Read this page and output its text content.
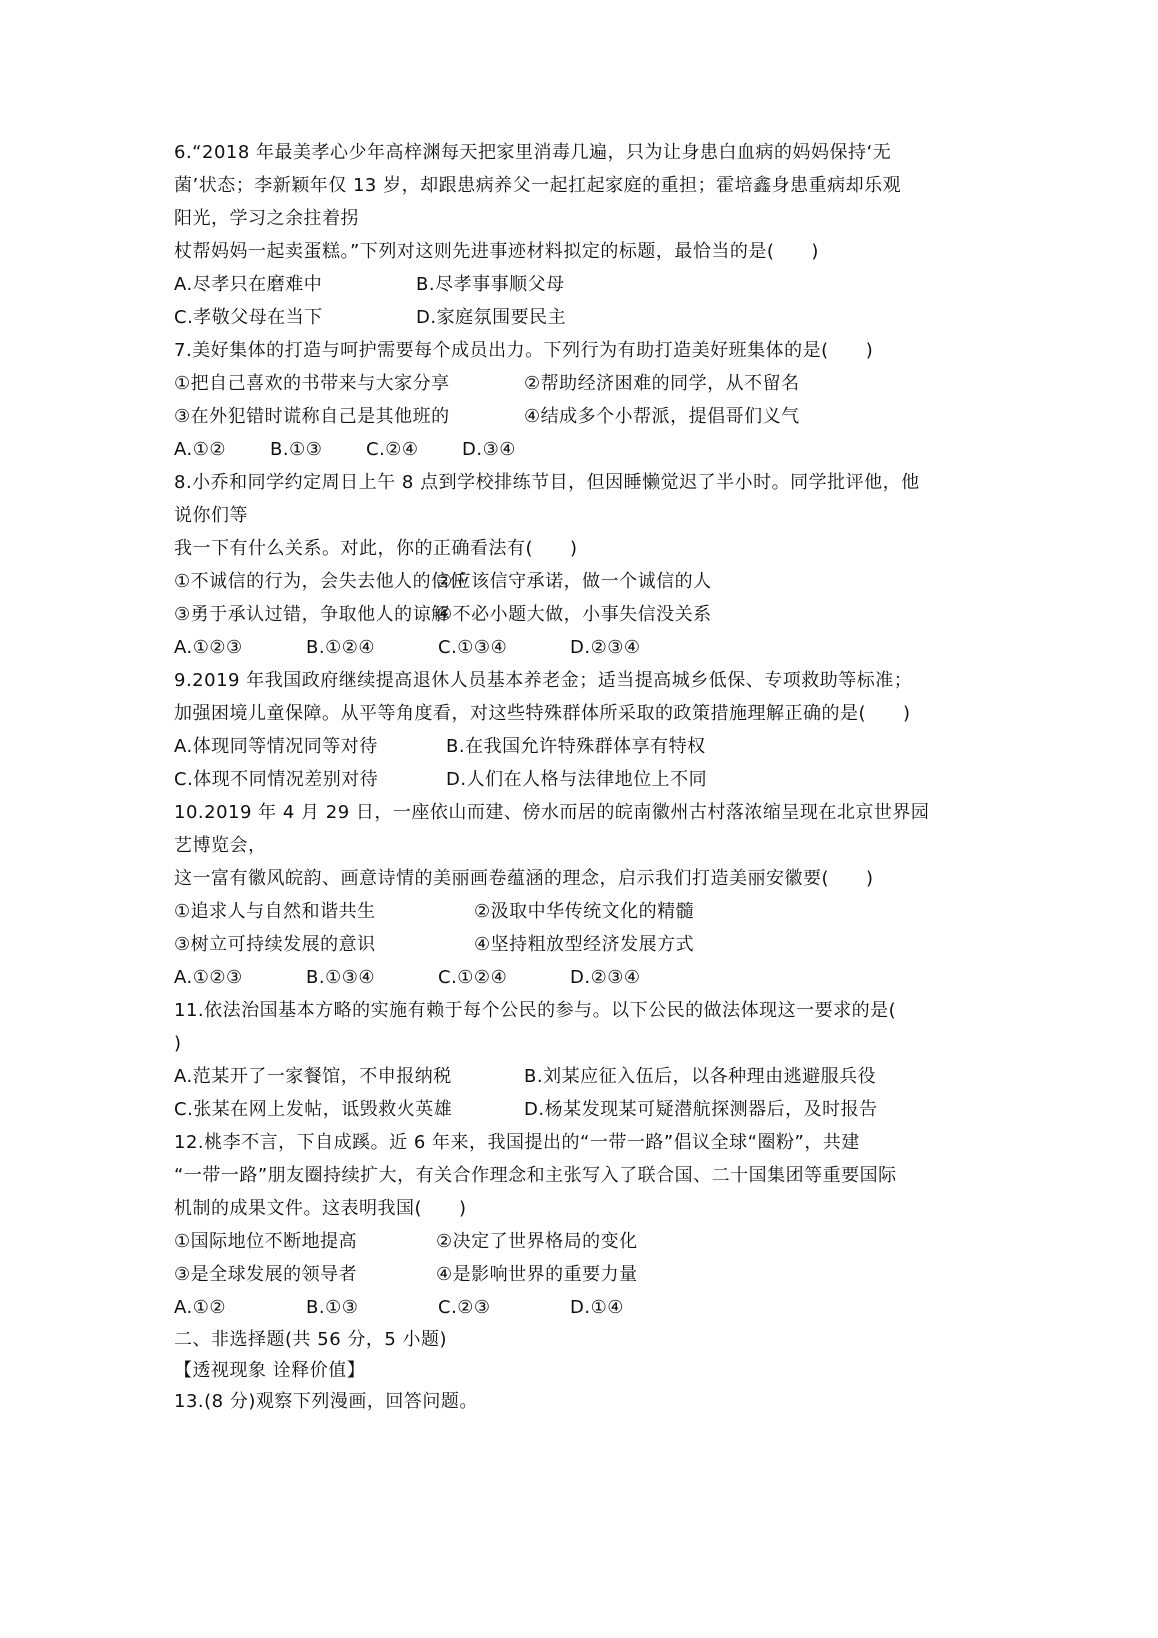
6.“2018 年最美孝心少年高梓渊每天把家里消毒几遍，只为让身患白血病的妈妈保持‘无
菌’状态；李新颖年仅 13 岁，却跟患病养父一起扛起家庭的重担；霍培鑫身患重病却乐观
阳光，学习之余拄着拐
杖帮妈妈一起卖蛋糕。”下列对这则先进事迹材料拟定的标题，最恰当的是(　　)
A.尽孝只在磨难中	B.尽孝事事顺父母
C.孝敬父母在当下	D.家庭氛围要民主
7.美好集体的打造与呵护需要每个成员出力。下列行为有助打造美好班集体的是(　　)
①把自己喜欢的书带来与大家分享	②帮助经济困难的同学，从不留名
③在外犯错时谎称自己是其他班的	④结成多个小帮派，提倡哥们义气
A.①②	B.①③	C.②④	D.③④
8.小乔和同学约定周日上午 8 点到学校排练节目，但因睡懒觉迟了半小时。同学批评他，他
说你们等
我一下有什么关系。对此，你的正确看法有(　　)
①不诚信的行为，会失去他人的信任
②应该信守承诺，做一个诚信的人
③勇于承认过错，争取他人的谅解
④不必小题大做，小事失信没关系
A.①②③	B.①②④	C.①③④	D.②③④
9.2019 年我国政府继续提高退休人员基本养老金；适当提高城乡低保、专项救助等标准；
加强困境儿童保障。从平等角度看，对这些特殊群体所采取的政策措施理解正确的是(　　)
A.体现同等情况同等对待	B.在我国允许特殊群体享有特权
C.体现不同情况差别对待	D.人们在人格与法律地位上不同
10.2019 年 4 月 29 日，一座依山而建、傍水而居的皖南徽州古村落浓缩呈现在北京世界园
艺博览会，
这一富有徽风皖韵、画意诗情的美丽画卷蕴涵的理念，启示我们打造美丽安徽要(　　)
①追求人与自然和谐共生	②汲取中华传统文化的精髓
③树立可持续发展的意识	④坚持粗放型经济发展方式
A.①②③	B.①③④	C.①②④	D.②③④
11.依法治国基本方略的实施有赖于每个公民的参与。以下公民的做法体现这一要求的是(
)
A.范某开了一家餐馆，不申报纳税	B.刘某应征入伍后，以各种理由逃避服兵役
C.张某在网上发帖，诋毁救火英雄	D.杨某发现某可疑潜航探测器后，及时报告
12.桃李不言，下自成蹊。近 6 年来，我国提出的“一带一路”倡议全球“圈粉”，共建
“一带一路”朋友圈持续扩大，有关合作理念和主张写入了联合国、二十国集团等重要国际
机制的成果文件。这表明我国(　　)
①国际地位不断地提高	②决定了世界格局的变化
③是全球发展的领导者	④是影响世界的重要力量
A.①②	B.①③	C.②③	D.①④
二、非选择题(共 56 分，5 小题)
【透视现象 诠释价值】
13.(8 分)观察下列漫画，回答问题。
